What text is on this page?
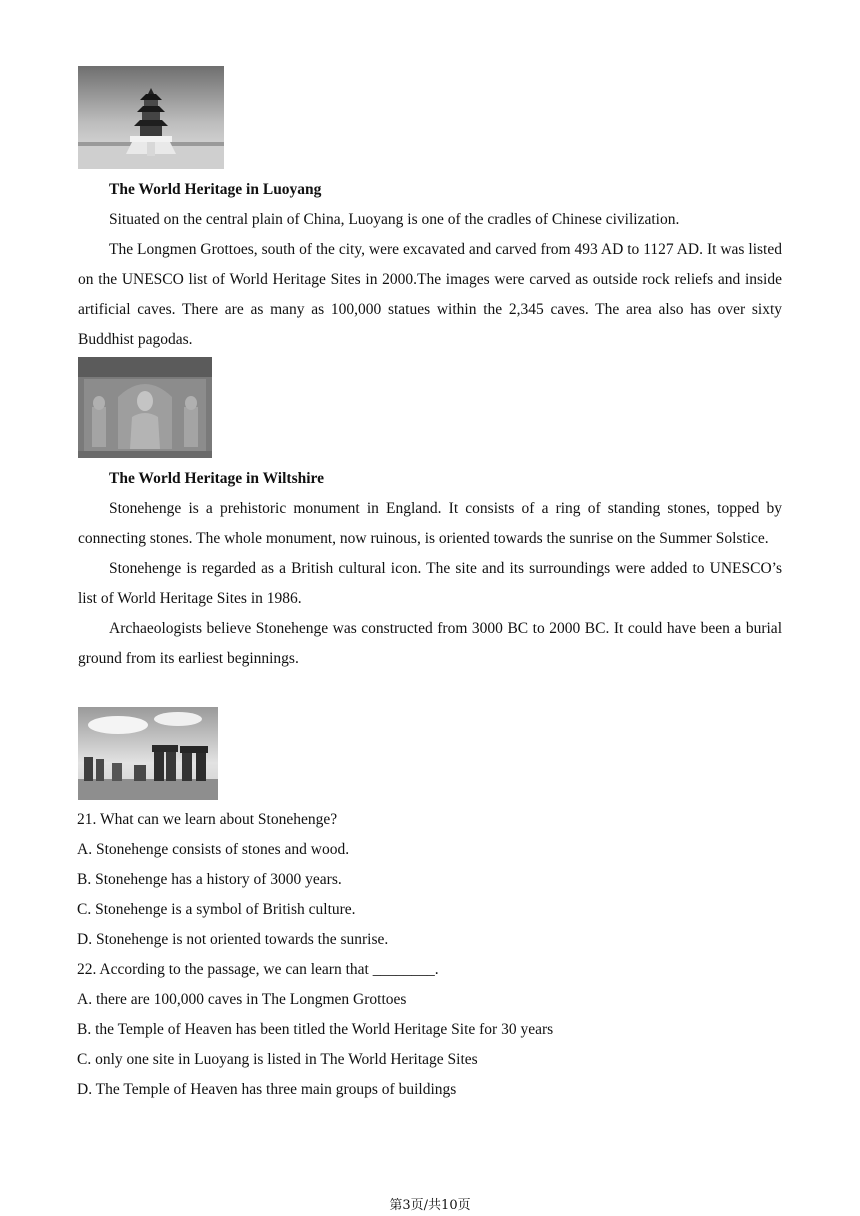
The World Heritage in Luoyang

Situated on the central plain of China, Luoyang is one of the cradles of Chinese civilization.

The Longmen Grottoes, south of the city, were excavated and carved from 493 AD to 1127 AD. It was listed on the UNESCO list of World Heritage Sites in 2000.The images were carved as outside rock reliefs and inside artificial caves. There are as many as 100,000 statues within the 2,345 caves. The area also has over sixty Buddhist pagodas.

The World Heritage in Wiltshire

Stonehenge is a prehistoric monument in England. It consists of a ring of standing stones, topped by connecting stones. The whole monument, now ruinous, is oriented towards the sunrise on the Summer Solstice.

Stonehenge is regarded as a British cultural icon. The site and its surroundings were added to UNESCO’s list of World Heritage Sites in 1986.

Archaeologists believe Stonehenge was constructed from 3000 BC to 2000 BC. It could have been a burial ground from its earliest beginnings.

21. What can we learn about Stonehenge?

A. Stonehenge consists of stones and wood.

B. Stonehenge has a history of 3000 years.

C. Stonehenge is a symbol of British culture.

D. Stonehenge is not oriented towards the sunrise.

22. According to the passage, we can learn that ________.

A. there are 100,000 caves in The Longmen Grottoes

B. the Temple of Heaven has been titled the World Heritage Site for 30 years

C. only one site in Luoyang is listed in The World Heritage Sites

D. The Temple of Heaven has three main groups of buildings

第3页/共10页
